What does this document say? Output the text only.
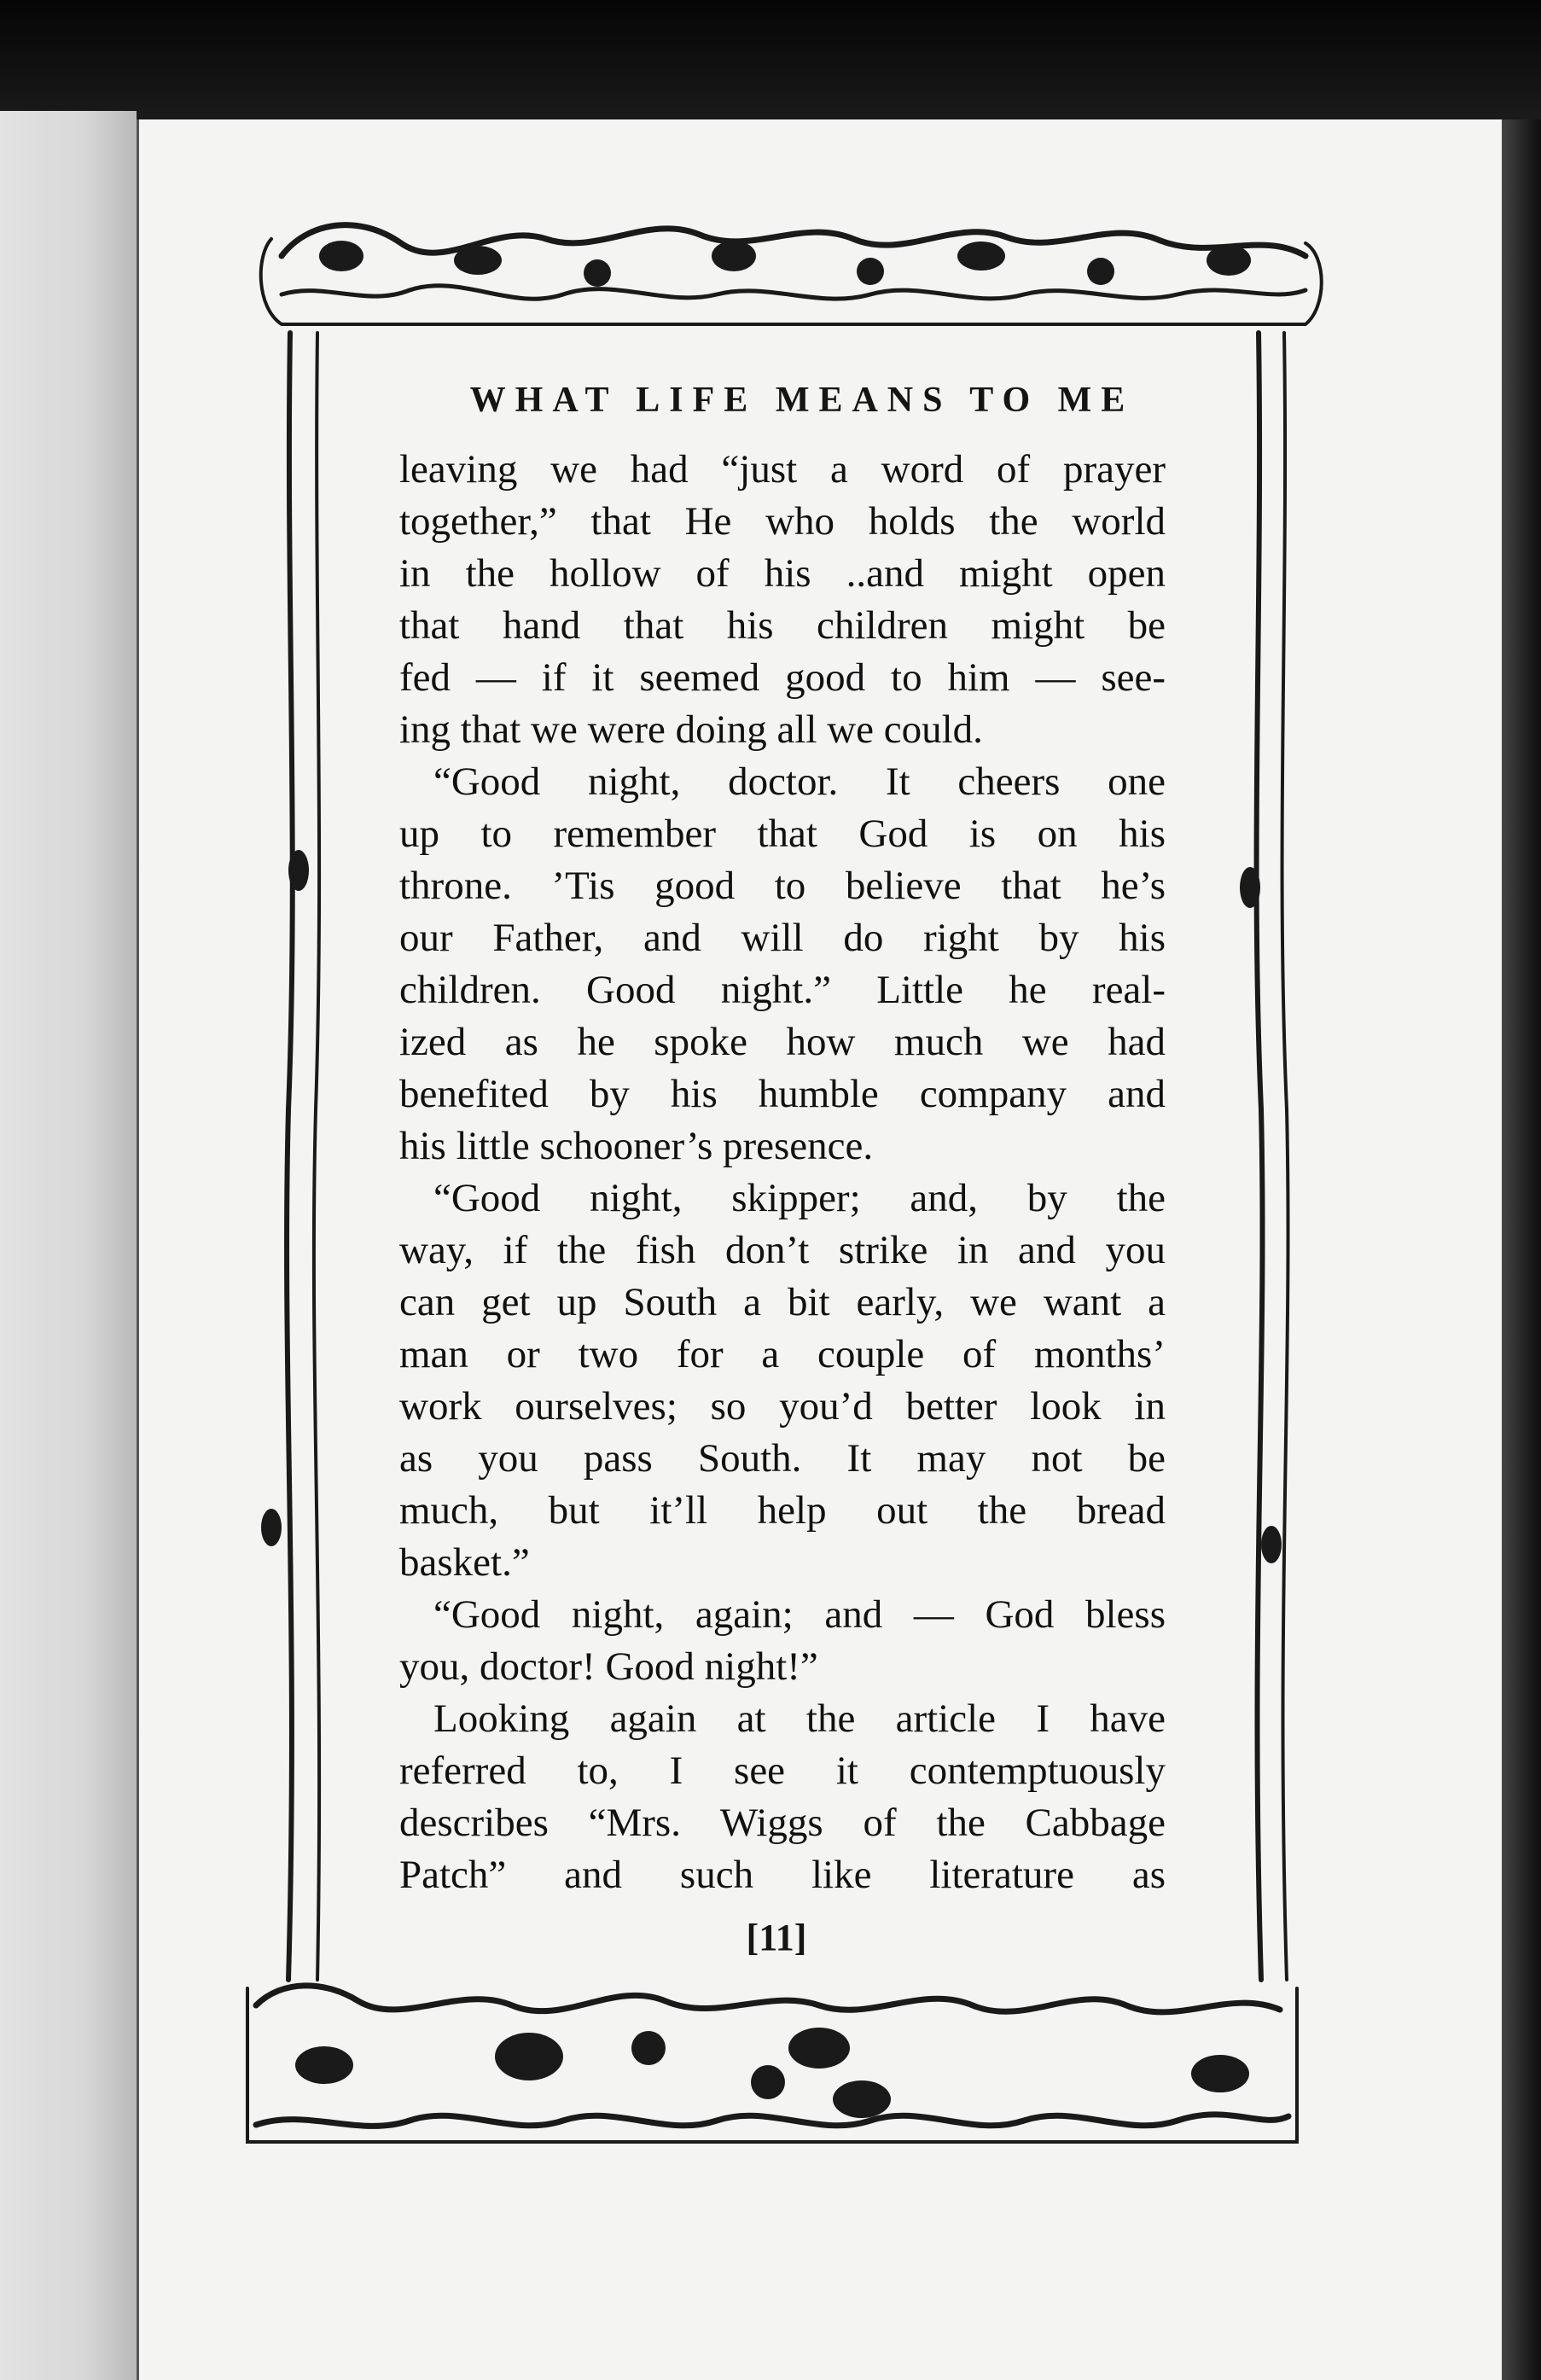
WHAT LIFE MEANS TO ME
leaving we had “just a word of prayer
together,” that He who holds the world
in the hollow of his ..and might open
that hand that his children might be
fed — if it seemed good to him — see-
ing that we were doing all we could.
“Good night, doctor. It cheers one
up to remember that God is on his
throne. ’Tis good to believe that he’s
our Father, and will do right by his
children. Good night.” Little he real-
ized as he spoke how much we had
benefited by his humble company and
his little schooner’s presence.
“Good night, skipper; and, by the
way, if the fish don’t strike in and you
can get up South a bit early, we want a
man or two for a couple of months’
work ourselves; so you’d better look in
as you pass South. It may not be
much, but it’ll help out the bread
basket.”
“Good night, again; and — God bless
you, doctor! Good night!”
Looking again at the article I have
referred to, I see it contemptuously
describes “Mrs. Wiggs of the Cabbage
Patch” and such like literature as

[11]
